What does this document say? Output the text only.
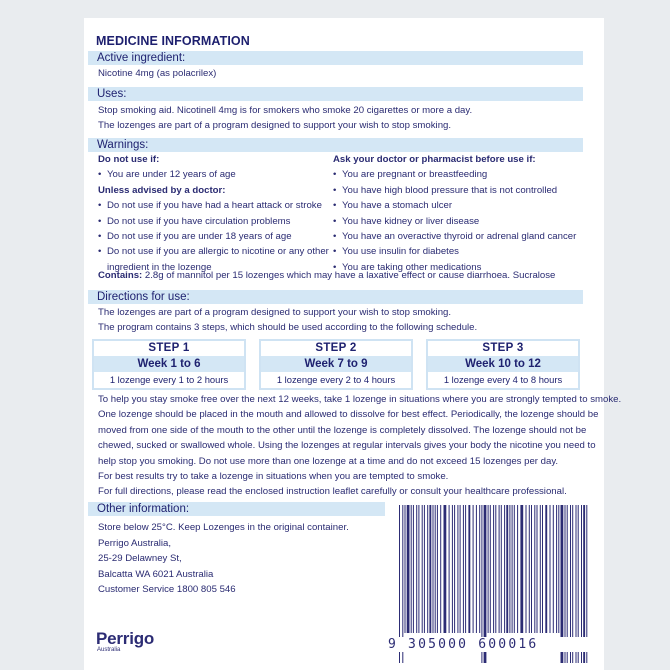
MEDICINE INFORMATION
Active ingredient:
Nicotine 4mg (as polacrilex)
Uses:
Stop smoking aid. Nicotinell 4mg is for smokers who smoke 20 cigarettes or more a day.
The lozenges are part of a program designed to support your wish to stop smoking.
Warnings:
Do not use if:
• You are under 12 years of age
Unless advised by a doctor:
• Do not use if you have had a heart attack or stroke
• Do not use if you have circulation problems
• Do not use if you are under 18 years of age
• Do not use if you are allergic to nicotine or any other
ingredient in the lozenge
Ask your doctor or pharmacist before use if:
• You are pregnant or breastfeeding
• You have high blood pressure that is not controlled
• You have a stomach ulcer
• You have kidney or liver disease
• You have an overactive thyroid or adrenal gland cancer
• You use insulin for diabetes
• You are taking other medications
Contains: 2.8g of mannitol per 15 lozenges which may have a laxative effect or cause diarrhoea. Sucralose
Directions for use:
The lozenges are part of a program designed to support your wish to stop smoking.
The program contains 3 steps, which should be used according to the following schedule.
STEP 1
Week 1 to 6
1 lozenge every 1 to 2 hours
STEP 2
Week 7 to 9
1 lozenge every 2 to 4 hours
STEP 3
Week 10 to 12
1 lozenge every 4 to 8 hours
To help you stay smoke free over the next 12 weeks, take 1 lozenge in situations where you are strongly tempted to smoke.
One lozenge should be placed in the mouth and allowed to dissolve for best effect. Periodically, the lozenge should be
moved from one side of the mouth to the other until the lozenge is completely dissolved. The lozenge should not be
chewed, sucked or swallowed whole. Using the lozenges at regular intervals gives your body the nicotine you need to
help stop you smoking. Do not use more than one lozenge at a time and do not exceed 15 lozenges per day.
For best results try to take a lozenge in situations when you are tempted to smoke.
For full directions, please read the enclosed instruction leaflet carefully or consult your healthcare professional.
Other information:
Store below 25°C. Keep Lozenges in the original container.
Perrigo Australia,
25-29 Delawney St,
Balcatta WA 6021 Australia
Customer Service 1800 805 546
Perrigo
Australia	9 305000 600016
